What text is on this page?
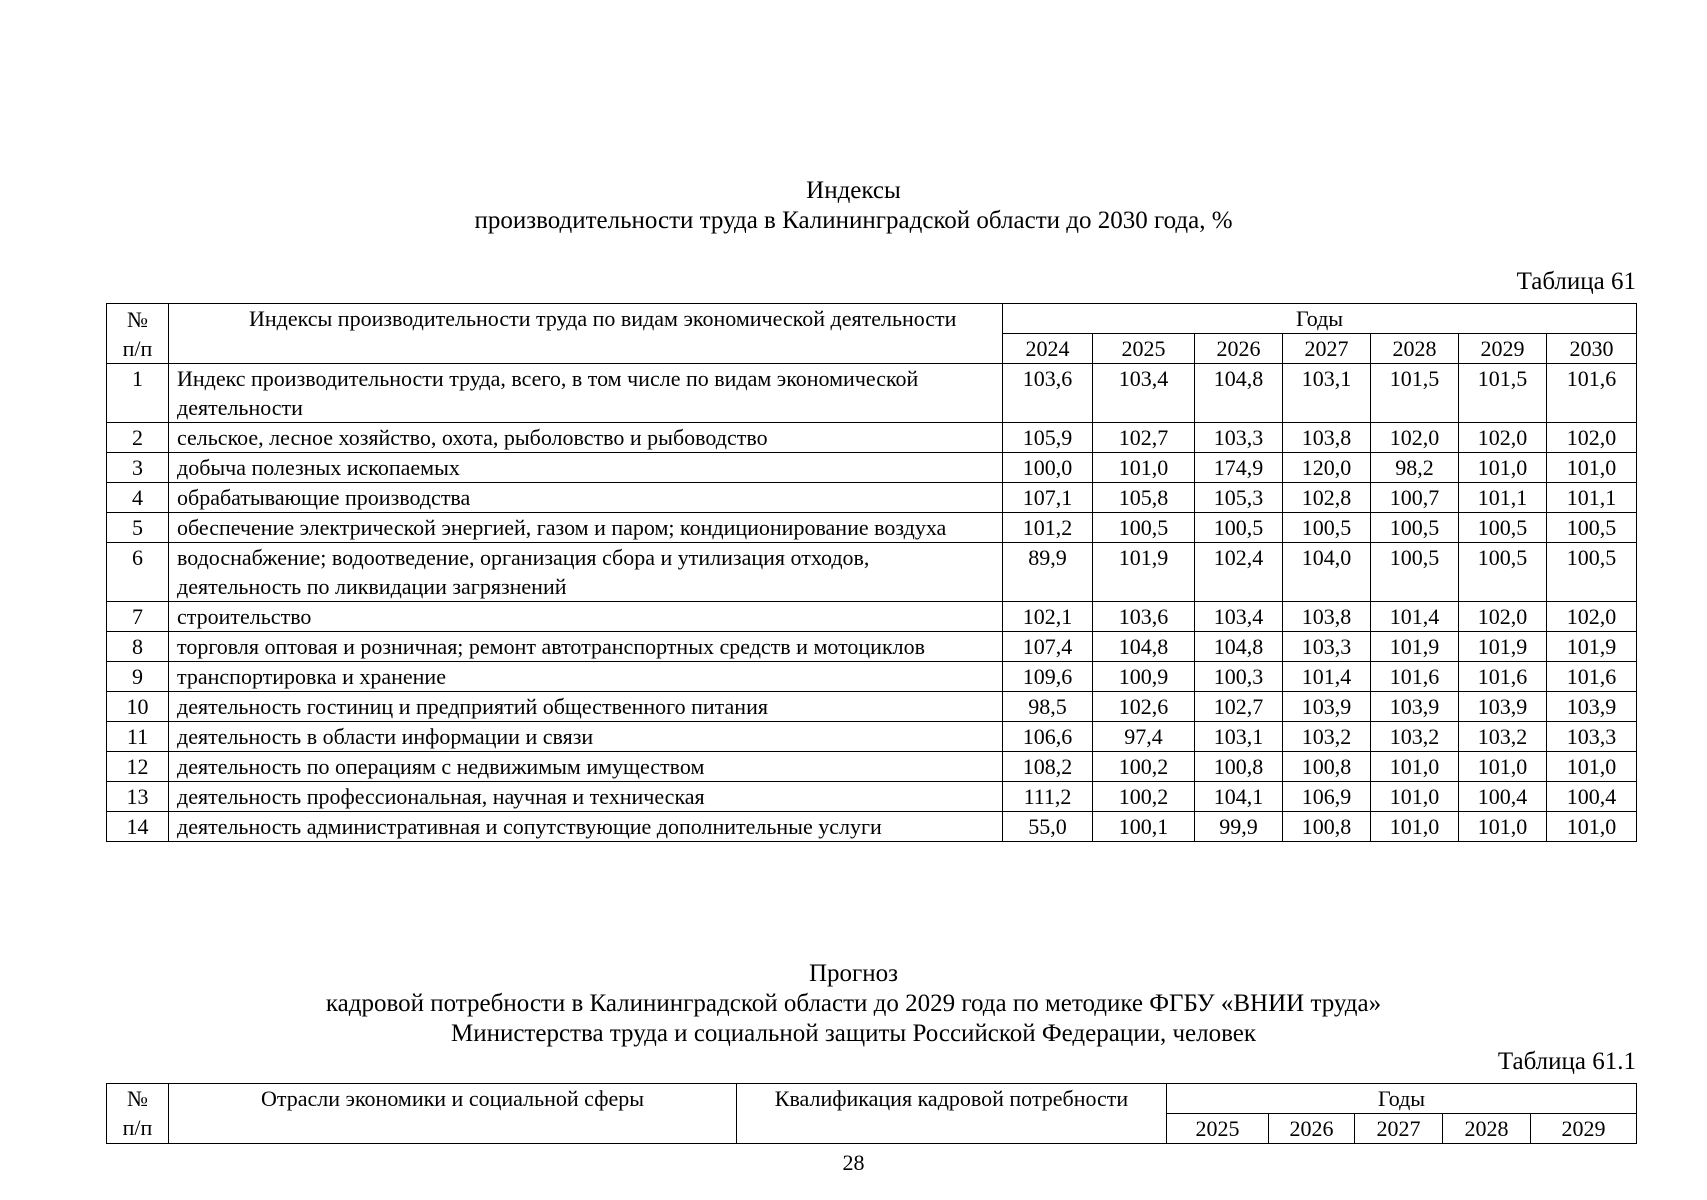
Индексы
производительности труда в Калининградской области до 2030 года, %
Таблица 61
№
п/п	Индексы производительности труда по видам экономической деятельности	Годы						
		2024	2025	2026	2027	2028	2029	2030
1	Индекс производительности труда, всего, в том числе по видам экономической деятельности	103,6	103,4	104,8	103,1	101,5	101,5	101,6
2	сельское, лесное хозяйство, охота, рыболовство и рыбоводство	105,9	102,7	103,3	103,8	102,0	102,0	102,0
3	добыча полезных ископаемых	100,0	101,0	174,9	120,0	98,2	101,0	101,0
4	обрабатывающие производства	107,1	105,8	105,3	102,8	100,7	101,1	101,1
5	обеспечение электрической энергией, газом и паром; кондиционирование воздуха	101,2	100,5	100,5	100,5	100,5	100,5	100,5
6	водоснабжение; водоотведение, организация сбора и утилизация отходов, деятельность по ликвидации загрязнений	89,9	101,9	102,4	104,0	100,5	100,5	100,5
7	строительство	102,1	103,6	103,4	103,8	101,4	102,0	102,0
8	торговля оптовая и розничная; ремонт автотранспортных средств и мотоциклов	107,4	104,8	104,8	103,3	101,9	101,9	101,9
9	транспортировка и хранение	109,6	100,9	100,3	101,4	101,6	101,6	101,6
10	деятельность гостиниц и предприятий общественного питания	98,5	102,6	102,7	103,9	103,9	103,9	103,9
11	деятельность в области информации и связи	106,6	97,4	103,1	103,2	103,2	103,2	103,3
12	деятельность по операциям с недвижимым имуществом	108,2	100,2	100,8	100,8	101,0	101,0	101,0
13	деятельность профессиональная, научная и техническая	111,2	100,2	104,1	106,9	101,0	100,4	100,4
14	деятельность административная и сопутствующие дополнительные услуги	55,0	100,1	99,9	100,8	101,0	101,0	101,0
Прогноз
кадровой потребности в Калининградской области до 2029 года по методике ФГБУ «ВНИИ труда»
Министерства труда и социальной защиты Российской Федерации, человек
Таблица 61.1
№
п/п	Отрасли экономики и социальной сферы	Квалификация кадровой потребности	Годы				
			2025	2026	2027	2028	2029
28
